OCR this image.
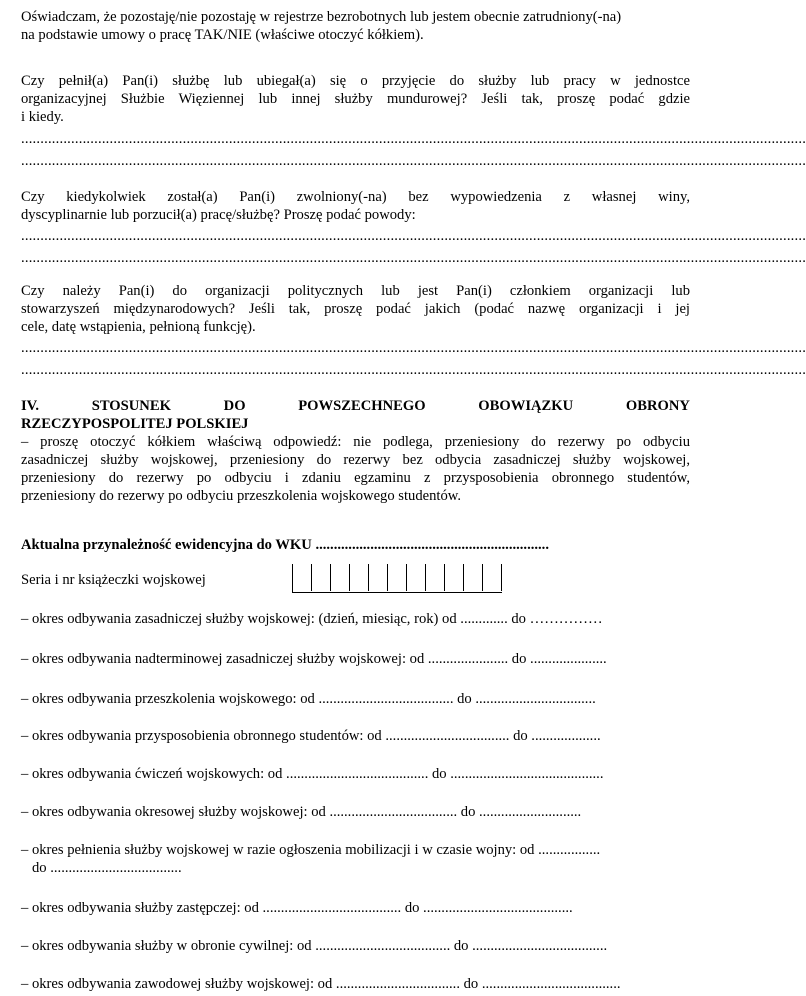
Oświadczam, że pozostaję/nie pozostaję w rejestrze bezrobotnych lub jestem obecnie zatrudniony(-na)
na podstawie umowy o pracę TAK/NIE (właściwe otoczyć kółkiem).
Czy pełnił(a) Pan(i) służbę lub ubiegał(a) się o przyjęcie do służby lub pracy w jednostce
organizacyjnej Służbie Więziennej lub innej służby mundurowej? Jeśli tak, proszę podać gdzie
i kiedy.
............................................................................................................................................................................................................
............................................................................................................................................................................................................
Czy kiedykolwiek został(a) Pan(i) zwolniony(-na) bez wypowiedzenia z własnej winy,
dyscyplinarnie lub porzucił(a) pracę/służbę? Proszę podać powody:
............................................................................................................................................................................................................
............................................................................................................................................................................................................
Czy należy Pan(i) do organizacji politycznych lub jest Pan(i) członkiem organizacji lub
stowarzyszeń międzynarodowych? Jeśli tak, proszę podać jakich (podać nazwę organizacji i jej
cele, datę wstąpienia, pełnioną funkcję).
............................................................................................................................................................................................................
............................................................................................................................................................................................................
IV.	STOSUNEK	DO	POWSZECHNEGO	OBOWIĄZKU	OBRONY
RZECZYPOSPOLITEJ POLSKIEJ
– proszę otoczyć kółkiem właściwą odpowiedź: nie podlega, przeniesiony do rezerwy po odbyciu
zasadniczej służby wojskowej, przeniesiony do rezerwy bez odbycia zasadniczej służby wojskowej,
przeniesiony do rezerwy po odbyciu i zdaniu egzaminu z przysposobienia obronnego studentów,
przeniesiony do rezerwy po odbyciu przeszkolenia wojskowego studentów.
Aktualna przynależność ewidencyjna do WKU ................................................................
Seria i nr książeczki wojskowej
– okres odbywania zasadniczej służby wojskowej: (dzień, miesiąc, rok) od ............. do ……………
– okres odbywania nadterminowej zasadniczej służby wojskowej: od ...................... do .....................
– okres odbywania przeszkolenia wojskowego: od ..................................... do .................................
– okres odbywania przysposobienia obronnego studentów: od .................................. do ...................
– okres odbywania ćwiczeń wojskowych: od ....................................... do ..........................................
– okres odbywania okresowej służby wojskowej: od ................................... do ............................
– okres pełnienia służby wojskowej w razie ogłoszenia mobilizacji i w czasie wojny: od .................
do ....................................
– okres odbywania służby zastępczej: od ...................................... do .........................................
– okres odbywania służby w obronie cywilnej: od ..................................... do .....................................
– okres odbywania zawodowej służby wojskowej: od .................................. do ......................................
